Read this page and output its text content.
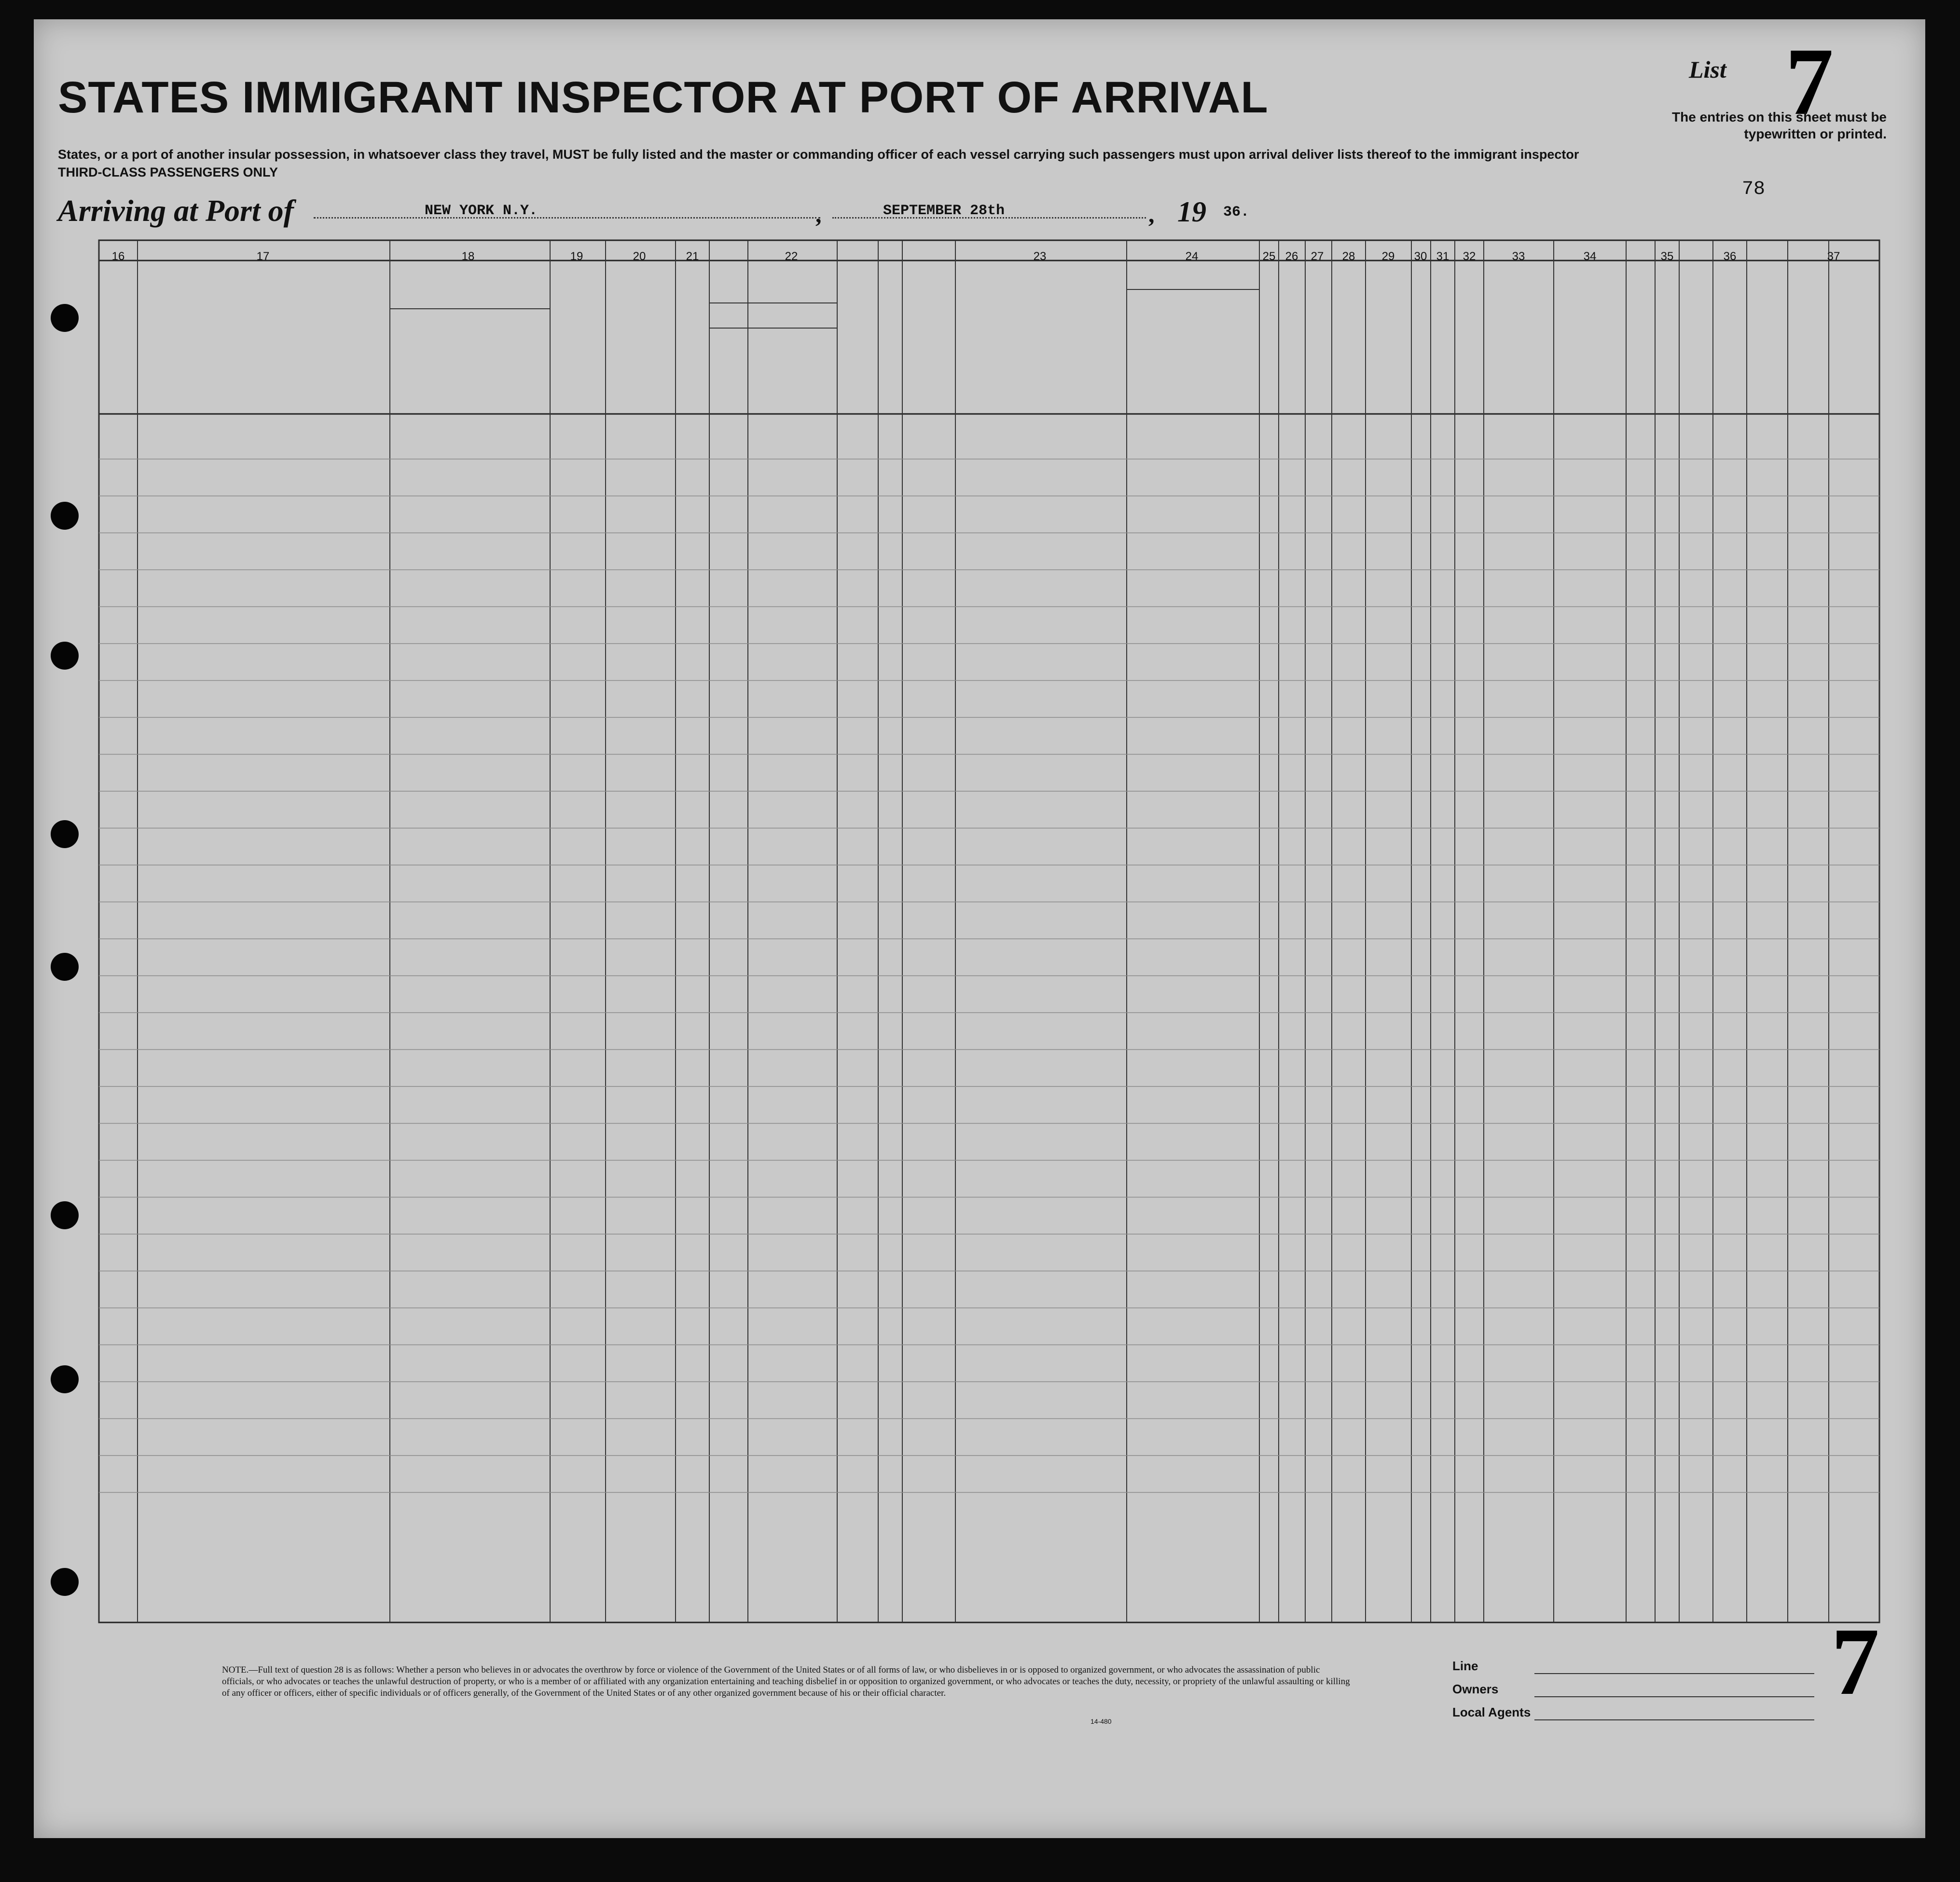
STATES IMMIGRANT INSPECTOR AT PORT OF ARRIVAL
States, or a port of another insular possession, in whatsoever class they travel, MUST be fully listed and the master or commanding officer of each vessel carrying such passengers must upon arrival deliver lists thereof to the immigrant inspector
THIRD-CLASS PASSENGERS ONLY
List 7
The entries on this sheet must be typewritten or printed.
78
Arriving at Port of	NEW YORK N.Y.	,	SEPTEMBER 28th	, 19 36.
16	17	18	19	20	21	22	23	24	25 26 27 28 29 30 31 32	33	34	35	36	37
NOTE.—Full text of question 28 is as follows: Whether a person who believes in or advocates the overthrow by force or violence of the Government of the United States or of all forms of law, or who disbelieves in or is opposed to organized government, or who advocates the assassination of public officials, or who advocates or teaches the unlawful destruction of property, or who is a member of or affiliated with any organization entertaining and teaching disbelief in or opposition to organized government, or who advocates or teaches the duty, necessity, or propriety of the unlawful assaulting or killing of any officer or officers, either of specific individuals or of officers generally, of the Government of the United States or of any other organized government because of his or their official character.
14-480
Line
Owners
Local Agents	7
